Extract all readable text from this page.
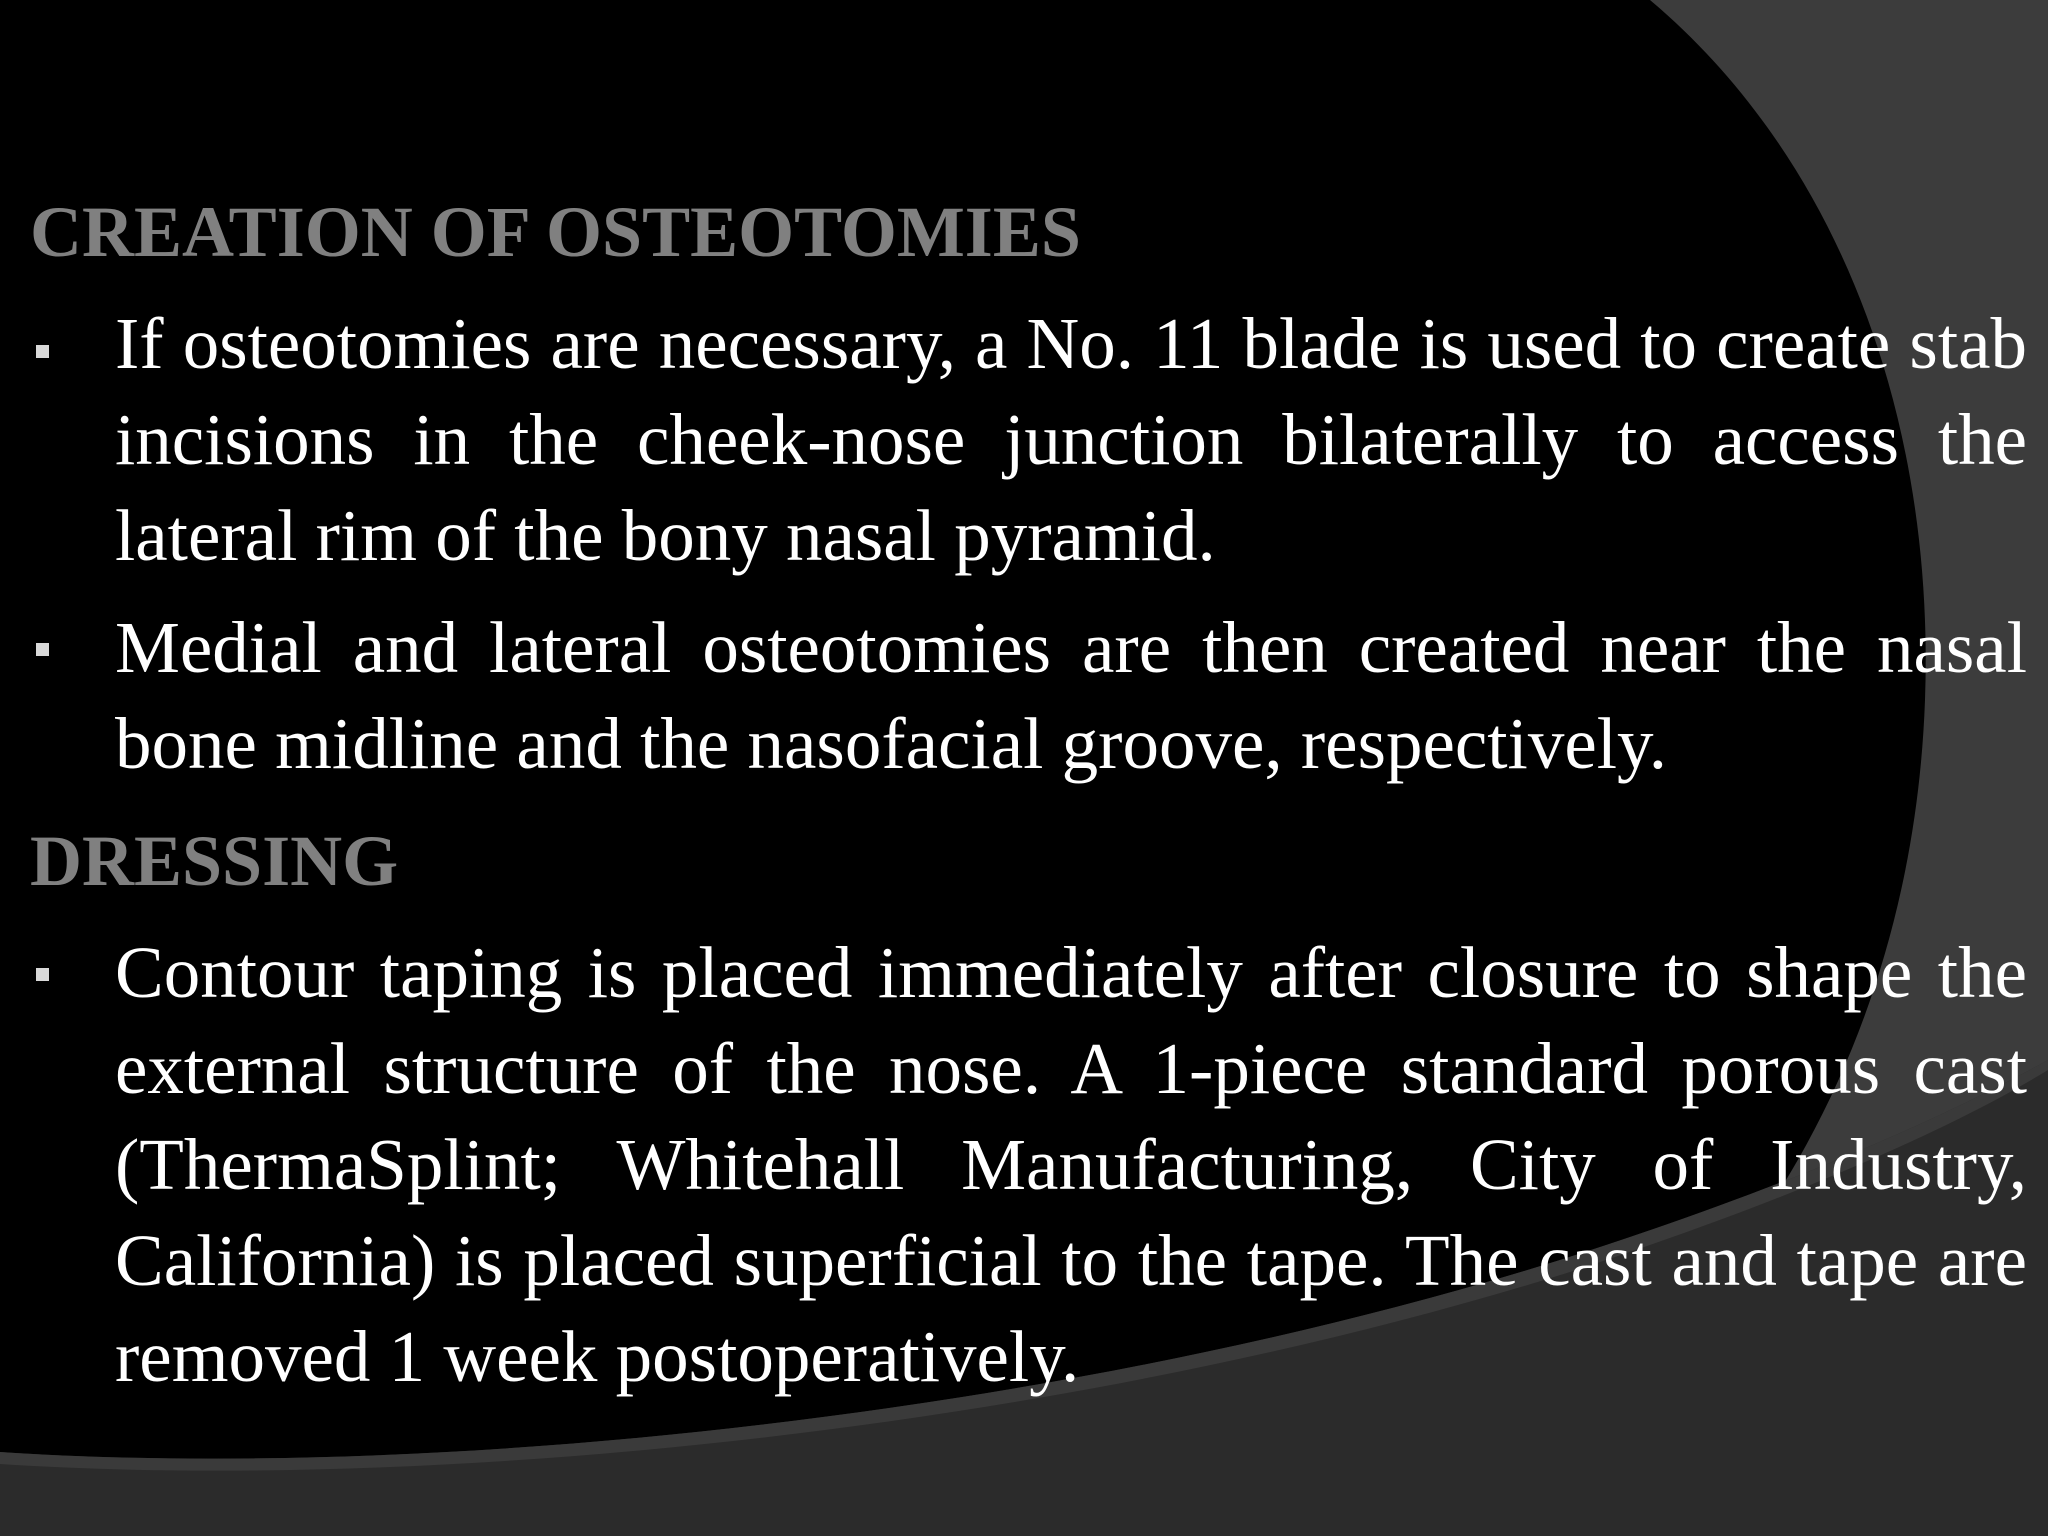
CREATION OF OSTEOTOMIES

If osteotomies are necessary, a No. 11 blade is used to create stab incisions in the cheek-nose junction bilaterally to access the lateral rim of the bony nasal pyramid.

Medial and lateral osteotomies are then created near the nasal bone midline and the nasofacial groove, respectively.

DRESSING

Contour taping is placed immediately after closure to shape the external structure of the nose. A 1-piece standard porous cast (ThermaSplint; Whitehall Manufacturing, City of Industry, California) is placed superficial to the tape. The cast and tape are removed 1 week postoperatively.
